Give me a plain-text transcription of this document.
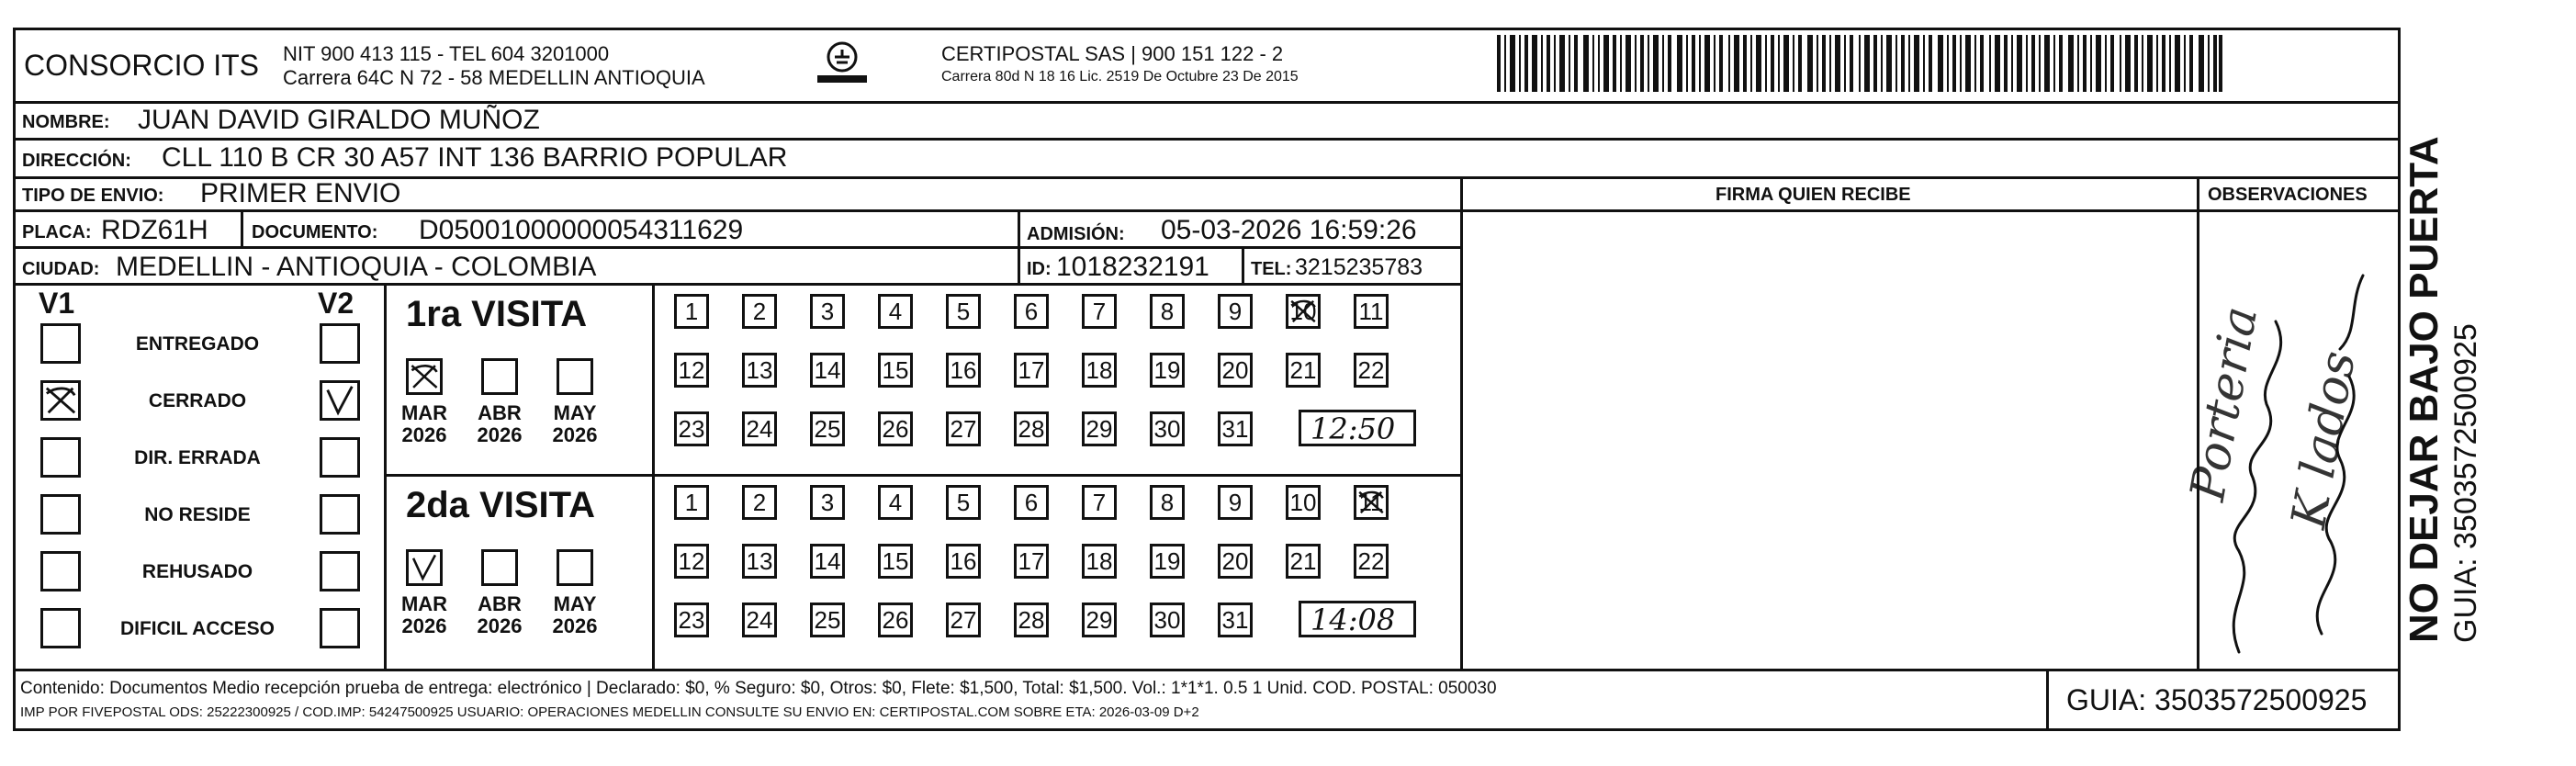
CONSORCIO ITS NIT 900 413 115 - TEL 604 3201000
Carrera 64C N 72 - 58 MEDELLIN ANTIOQUIA
CERTIPOSTAL SAS | 900 151 122 - 2
Carrera 80d N 18 16 Lic. 2519 De Octubre 23 De 2015
NOMBRE: JUAN DAVID GIRALDO MUÑOZ
DIRECCIÓN: CLL 110 B CR 30 A57 INT 136 BARRIO POPULAR
TIPO DE ENVIO: PRIMER ENVIO	FIRMA QUIEN RECIBE	OBSERVACIONES
PLACA: RDZ61H DOCUMENTO: D05001000000054311629	ADMISIÓN: 05-03-2026 16:59:26
CIUDAD: MEDELLIN - ANTIOQUIA - COLOMBIA	ID: 1018232191 TEL: 3215235783
V1	V2
ENTREGADO
CERRADO
DIR. ERRADA
NO RESIDE
REHUSADO
DIFICIL ACCESO
1ra VISITA
MAR
2026
ABR
2026
MAY
2026
1	2	3	4	5	6	7	8	9	10 11
12 13 14 15 16 17 18 19 20 21 22
23 24 25 26 27 28 29 30 31 12:50
2da VISITA
MAR
2026
ABR
2026
MAY
2026
1	2	3	4	5	6	7	8	9	10 11
12 13 14 15 16 17 18 19 20 21 22
23 24 25 26 27 28 29 30 31 14:08
Porteria K lados NO DEJAR BAJO PUERTA GUIA: 3503572500925
Contenido: Documentos Medio recepción prueba de entrega: electrónico | Declarado: $0, % Seguro: $0, Otros: $0, Flete: $1,500, Total: $1,500. Vol.: 1*1*1. 0.5 1 Unid. COD. POSTAL: 050030
IMP POR FIVEPOSTAL ODS: 25222300925 / COD.IMP: 54247500925 USUARIO: OPERACIONES MEDELLIN CONSULTE SU ENVIO EN: CERTIPOSTAL.COM SOBRE ETA: 2026-03-09 D+2	GUIA: 3503572500925
